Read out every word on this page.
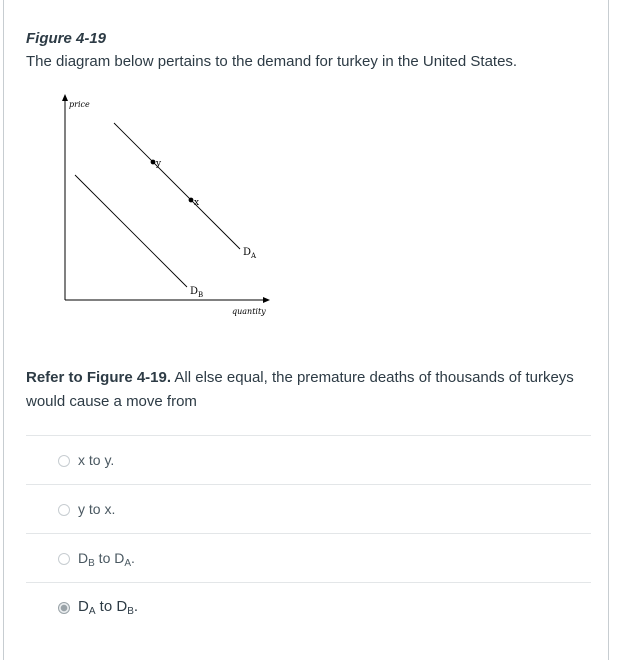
Figure 4-19

The diagram below pertains to the demand for turkey in the United States.

price
quantity
y
x
$D_A$
$D_B$
Refer to Figure 4-19. All else equal, the premature deaths of thousands of turkeys would cause a move from
x to y.
y to x.
$D_B$ to $D_A$.
$D_A$ to $D_B$.
